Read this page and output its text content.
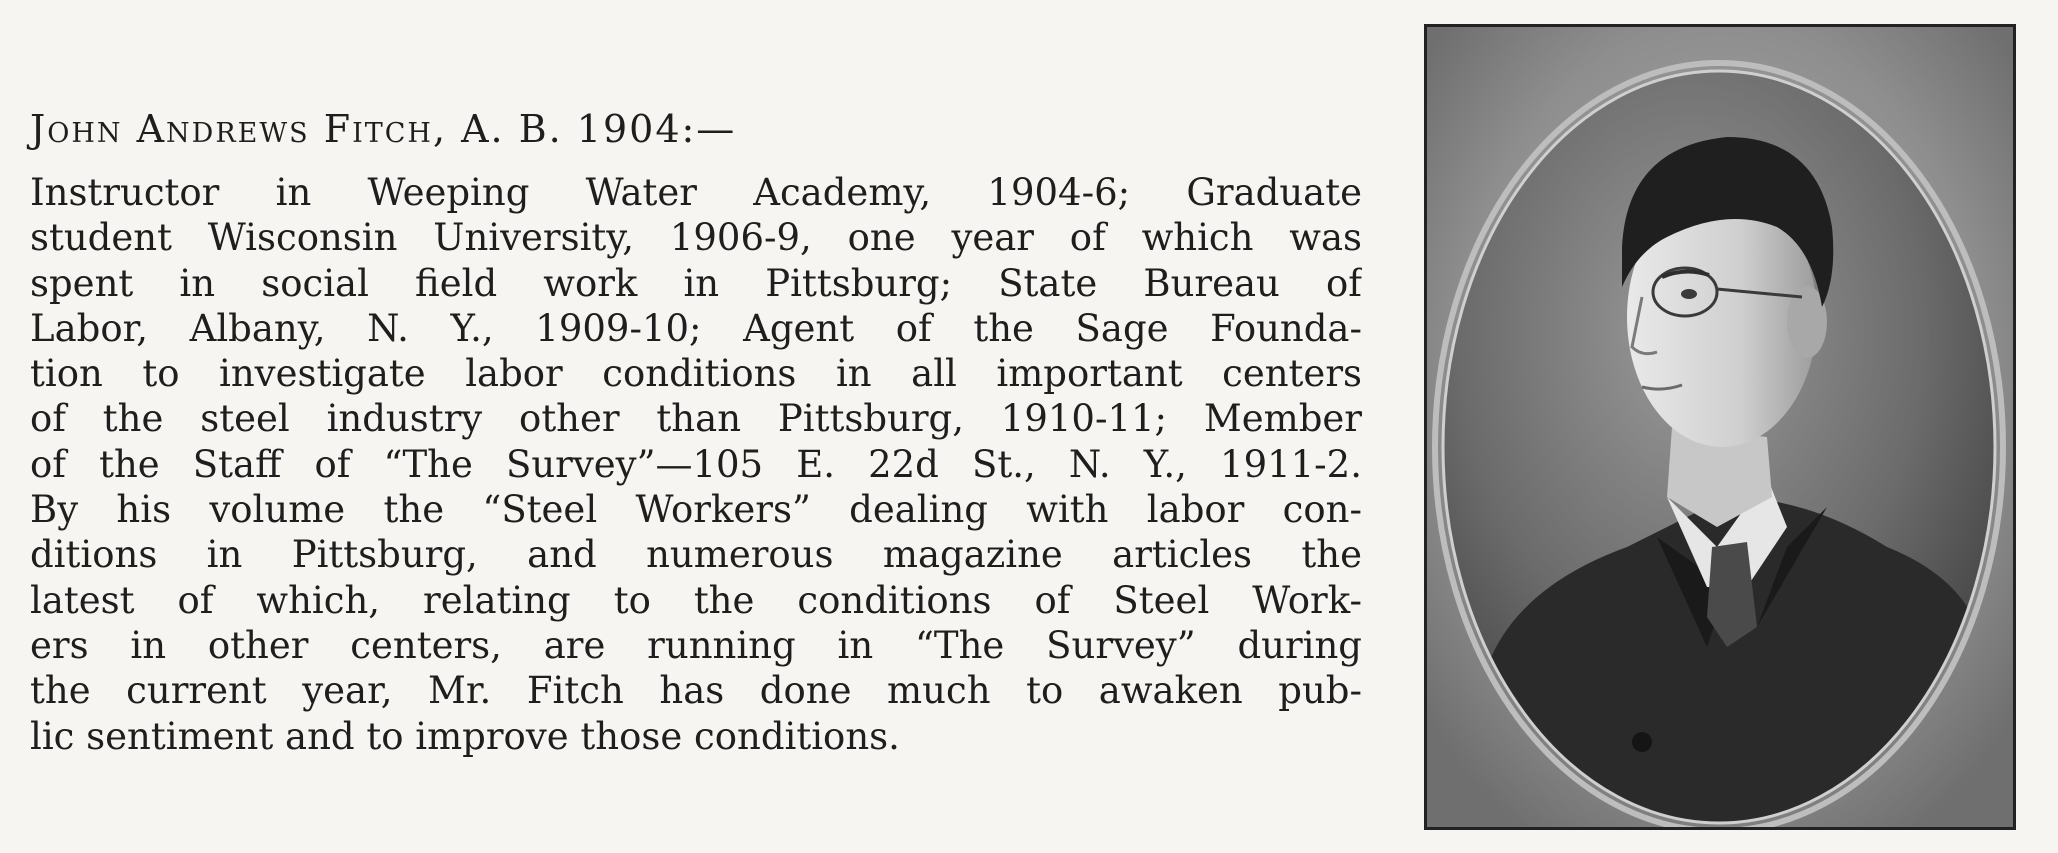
John Andrews Fitch, A. B. 1904:—
Instructor in Weeping Water Academy, 1904-6; Graduate
student Wisconsin University, 1906-9, one year of which was
spent in social field work in Pittsburg; State Bureau of
Labor, Albany, N. Y., 1909-10; Agent of the Sage Founda-
tion to investigate labor conditions in all important centers
of the steel industry other than Pittsburg, 1910-11; Member
of the Staff of “The Survey”—105 E. 22d St., N. Y., 1911-2.
By his volume the “Steel Workers” dealing with labor con-
ditions in Pittsburg, and numerous magazine articles the
latest of which, relating to the conditions of Steel Work-
ers in other centers, are running in “The Survey” during
the current year, Mr. Fitch has done much to awaken pub-
lic sentiment and to improve those conditions.
